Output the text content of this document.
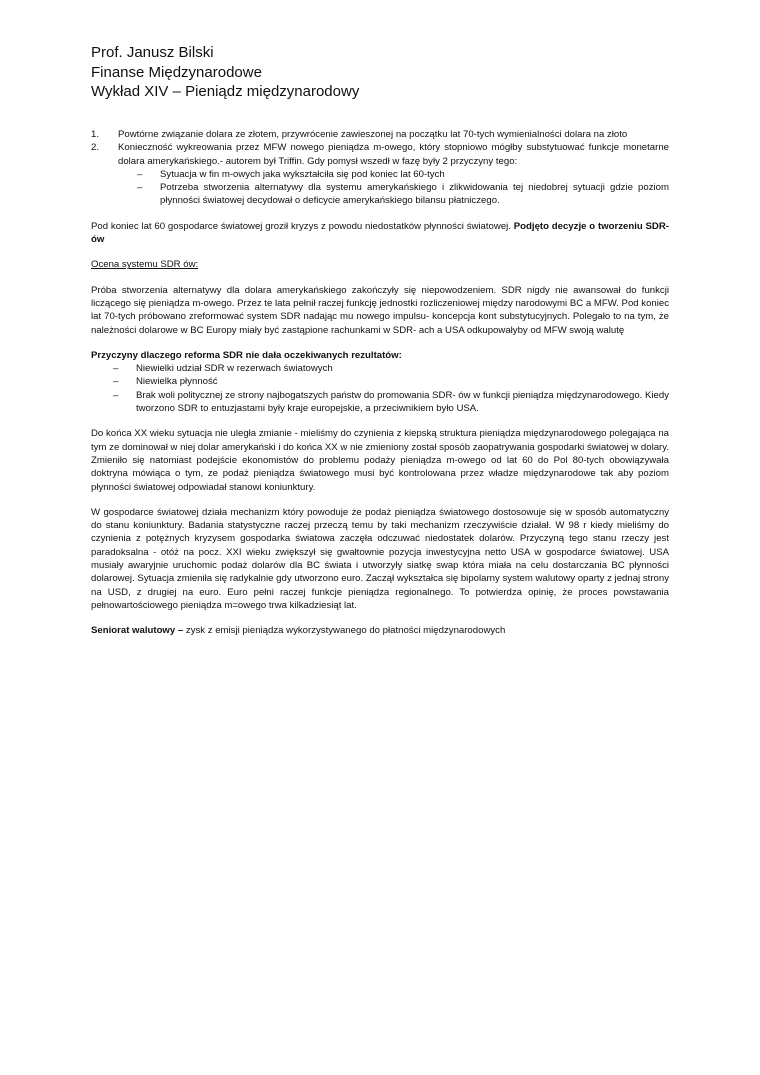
Prof. Janusz Bilski
Finanse Międzynarodowe
Wykład XIV – Pieniądz międzynarodowy
1. Powtórne związanie dolara ze złotem, przywrócenie zawieszonej na początku lat 70-tych wymienialności dolara na złoto
2. Konieczność wykreowania przez MFW nowego pieniądza m-owego, który stopniowo mógłby substytuować funkcje monetarne dolara amerykańskiego.- autorem był Triffin. Gdy pomysł wszedł w fazę były 2 przyczyny tego:
– Sytuacja w fin m-owych jaka wykształciła się pod koniec lat 60-tych
– Potrzeba stworzenia alternatywy dla systemu amerykańskiego i zlikwidowania tej niedobrej sytuacji gdzie poziom płynności światowej decydował o deficycie amerykańskiego bilansu płatniczego.

Pod koniec lat 60 gospodarce światowej groził kryzys z powodu niedostatków płynności światowej. Podjęto decyzje o tworzeniu SDR- ów

Ocena systemu SDR ów:

Próba stworzenia alternatywy dla dolara amerykańskiego zakończyły się niepowodzeniem. SDR nigdy nie awansował do funkcji liczącego się pieniądza m-owego. Przez te lata pełnił raczej funkcję jednostki rozliczeniowej między narodowymi BC a MFW. Pod koniec lat 70-tych próbowano zreformować system SDR nadając mu nowego impulsu- koncepcja kont substytucyjnych. Polegało to na tym, że należności dolarowe w BC Europy miały być zastąpione rachunkami w SDR- ach a USA odkupowałyby od MFW swoją walutę

Przyczyny dlaczego reforma SDR nie dała oczekiwanych rezultatów:

– Niewielki udział SDR w rezerwach światowych
– Niewielka płynność
– Brak woli politycznej ze strony najbogatszych państw do promowania SDR- ów w funkcji pieniądza międzynarodowego. Kiedy tworzono SDR to entuzjastami były kraje europejskie, a przeciwnikiem było USA.

Do końca XX wieku sytuacja nie uległa zmianie - mieliśmy do czynienia z kiepską struktura pieniądza międzynarodowego polegająca na tym ze dominował w niej dolar amerykański i do końca XX w nie zmieniony został sposób zaopatrywania gospodarki światowej w dolary. Zmieniło się natomiast podejście ekonomistów do problemu podaży pieniądza m-owego od lat 60 do Pol 80-tych obowiązywała doktryna mówiąca o tym, ze podaż pieniądza światowego musi być kontrolowana przez władze międzynarodowe tak aby poziom płynności światowej odpowiadał stanowi koniunktury.

W gospodarce światowej działa mechanizm który powoduje że podaż pieniądza światowego dostosowuje się w sposób automatyczny do stanu koniunktury. Badania statystyczne raczej przeczą temu by taki mechanizm rzeczywiście działał. W 98 r kiedy mieliśmy do czynienia z potężnych kryzysem gospodarka światowa zaczęła odczuwać niedostatek dolarów. Przyczyną tego stanu rzeczy jest paradoksalna - otóż na pocz. XXI wieku zwiększył się gwałtownie pozycja inwestycyjna netto USA w gospodarce światowej. USA musiały awaryjnie uruchomic podaż dolarów dla BC świata i utworzyły siatkę swap która miała na celu dostarczania BC płynności dolarowej. Sytuacja zmieniła się radykalnie gdy utworzono euro. Zaczął wykształca się bipolarny system walutowy oparty z jednaj strony na USD, z drugiej na euro. Euro pełni raczej funkcje pieniądza regionalnego. To potwierdza opinię, że proces powstawania pełnowartościowego pieniądza m=owego trwa kilkadziesiąt lat.

Seniorat walutowy – zysk z emisji pieniądza wykorzystywanego do płatności międzynarodowych
